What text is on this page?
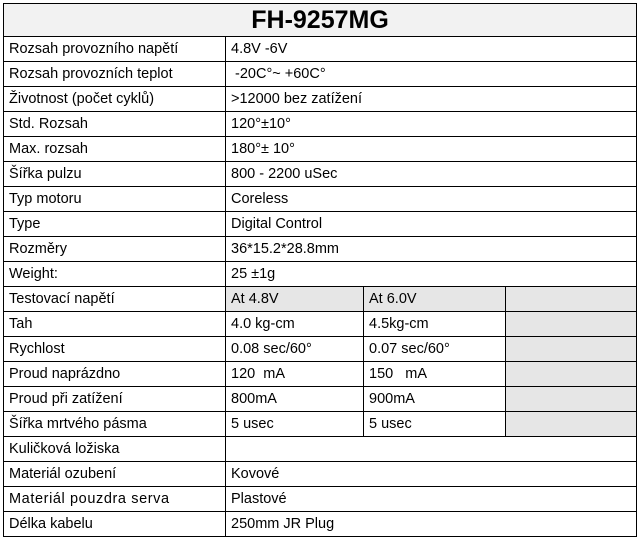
FH-9257MG			
Rozsah provozního napětí	4.8V -6V		
Rozsah provozních teplot	-20C°~ +60C°		
Životnost (počet cyklů)	>12000 bez zatížení		
Std. Rozsah	120°±10°		
Max. rozsah	180°± 10°		
Šířka pulzu	800 - 2200 uSec		
Typ motoru	Coreless		
Type	Digital Control		
Rozměry	36*15.2*28.8mm		
Weight:	25 ±1g		
Testovací napětí	At 4.8V	At 6.0V	
Tah	4.0 kg-cm	4.5kg-cm	
Rychlost	0.08 sec/60°	0.07 sec/60°	
Proud naprázdno	120  mA	150   mA	
Proud při zatížení	800mA	900mA	
Šířka mrtvého pásma	5 usec	5 usec	
Kuličková ložiska			
Materiál ozubení	Kovové		
Materiál pouzdra serva	Plastové		
Délka kabelu	250mm JR Plug		
